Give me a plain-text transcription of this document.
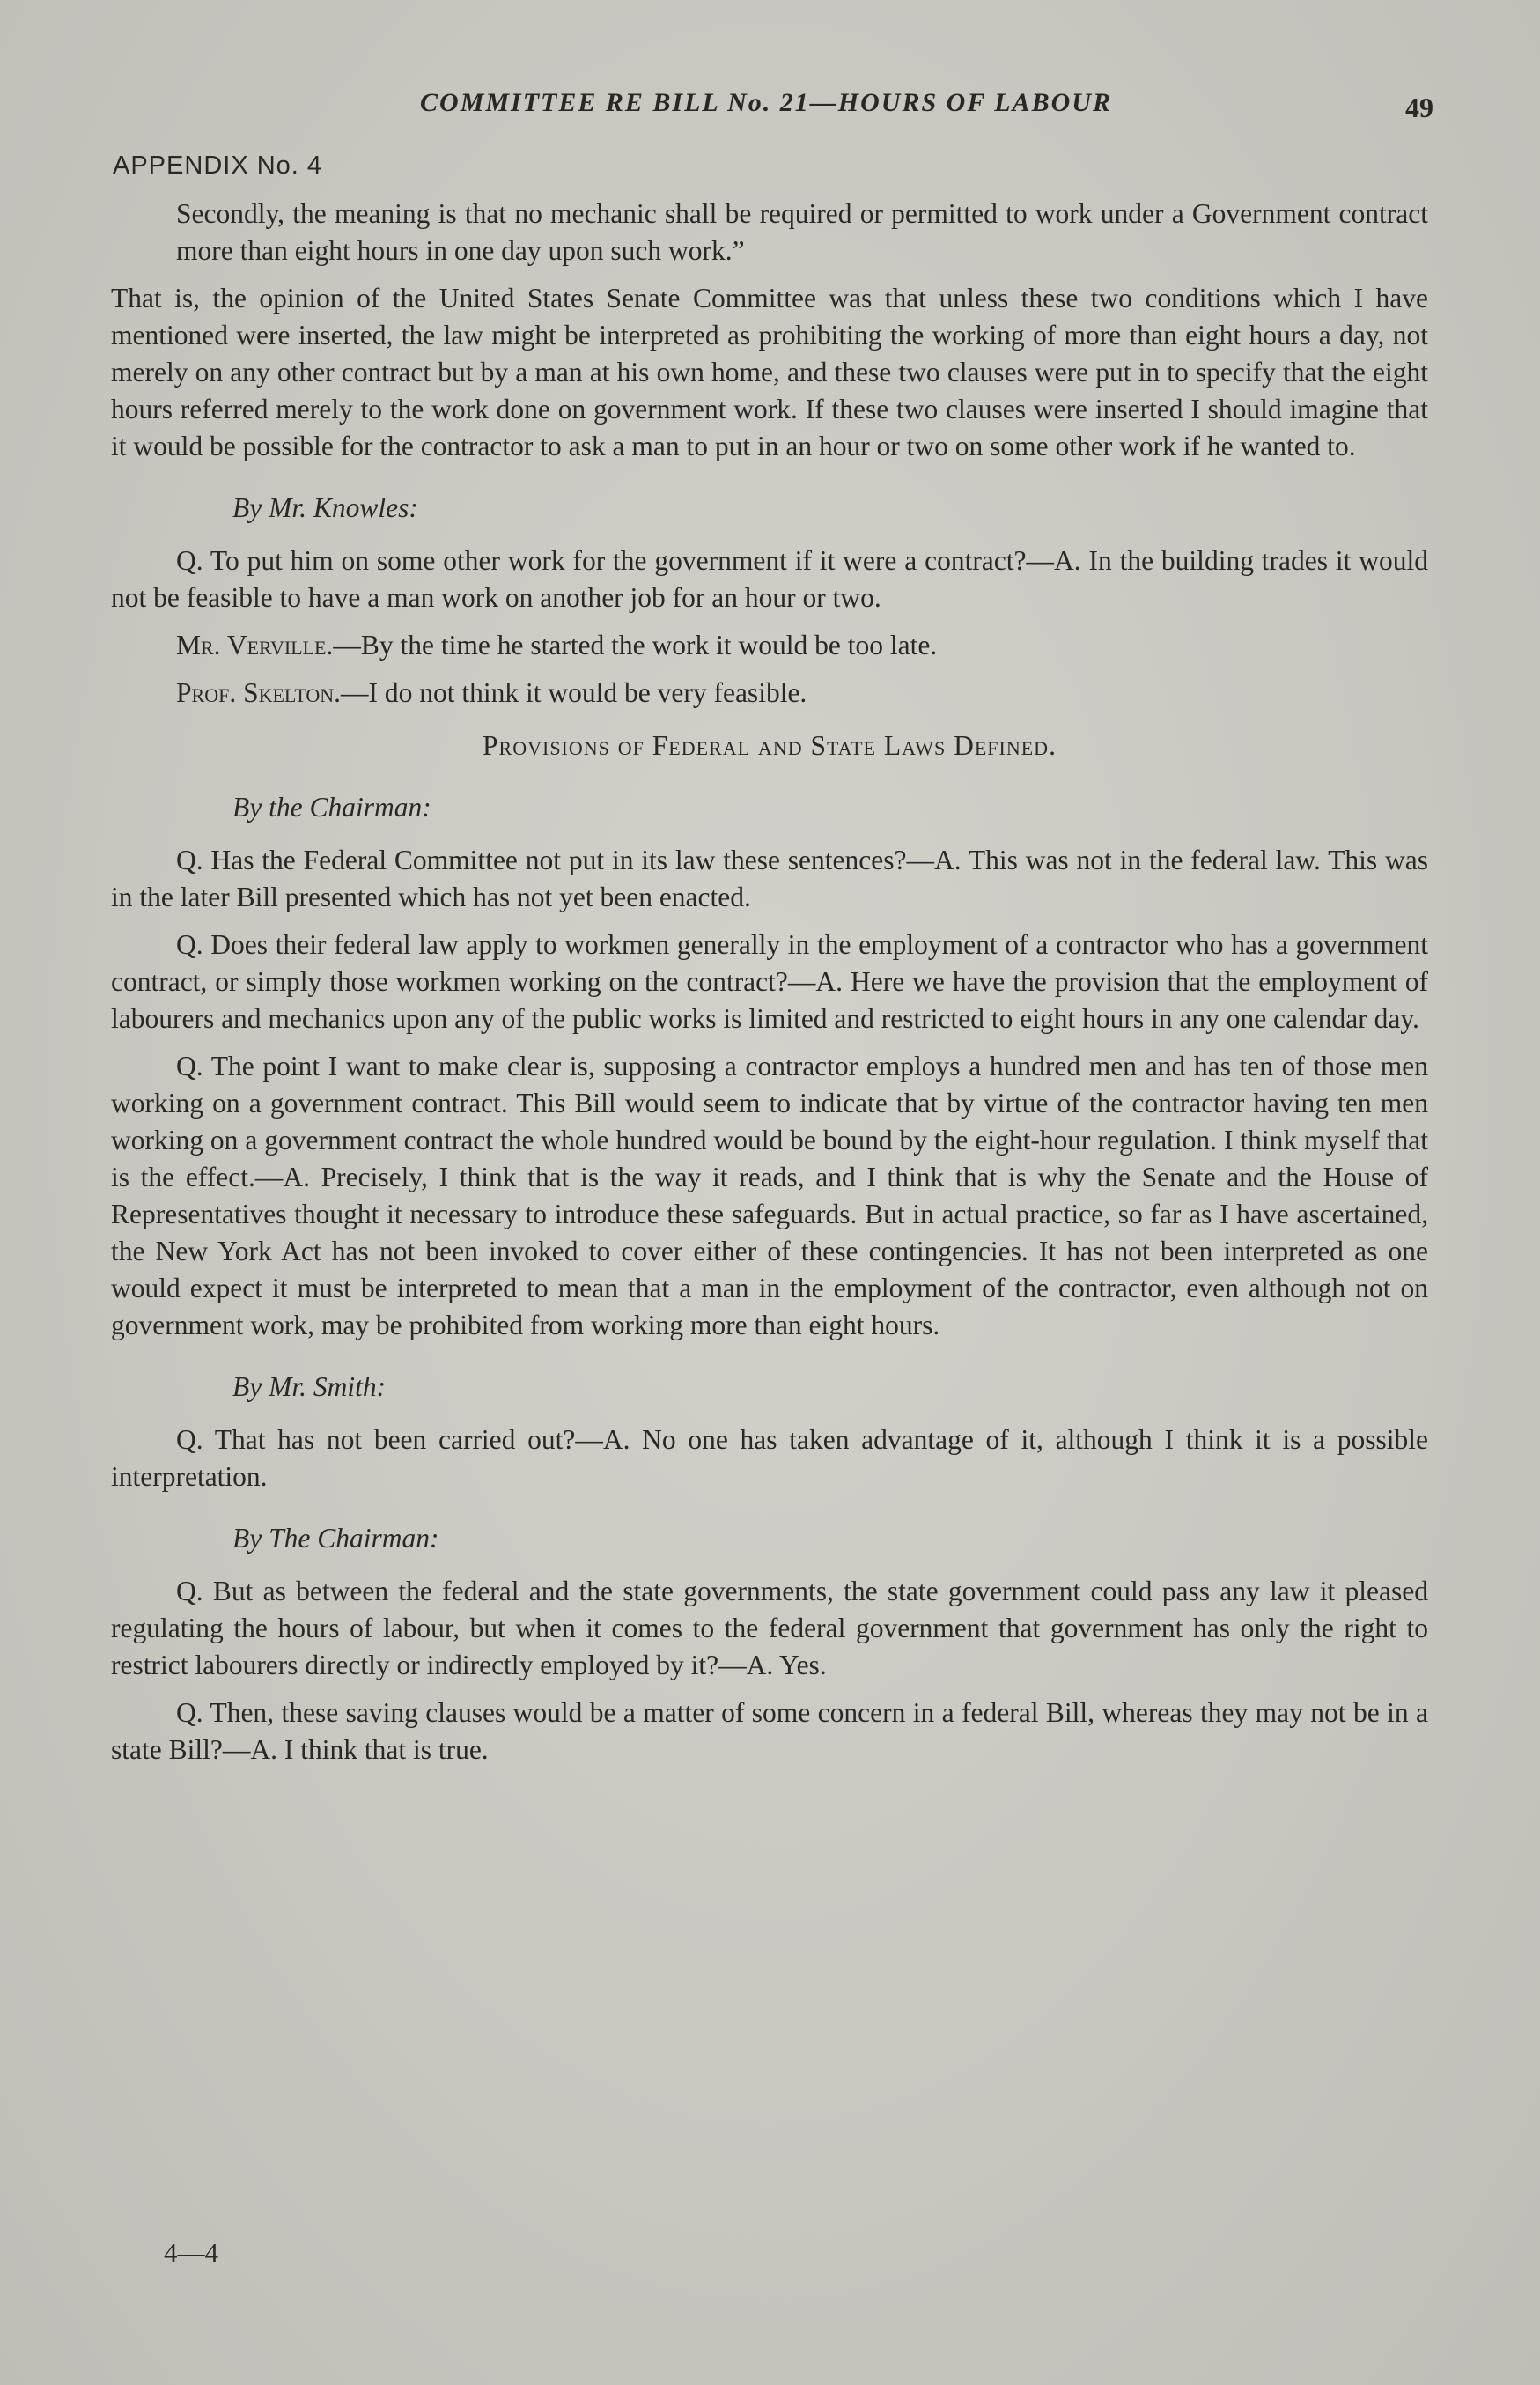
COMMITTEE RE BILL No. 21—HOURS OF LABOUR	49
APPENDIX No. 4

Secondly, the meaning is that no mechanic shall be required or permitted to work under a Government contract more than eight hours in one day upon such work.”

That is, the opinion of the United States Senate Committee was that unless these two conditions which I have mentioned were inserted, the law might be interpreted as prohibiting the working of more than eight hours a day, not merely on any other contract but by a man at his own home, and these two clauses were put in to specify that the eight hours referred merely to the work done on government work. If these two clauses were inserted I should imagine that it would be possible for the contractor to ask a man to put in an hour or two on some other work if he wanted to.

By Mr. Knowles:

Q. To put him on some other work for the government if it were a contract?—A. In the building trades it would not be feasible to have a man work on another job for an hour or two.

Mr. Verville.—By the time he started the work it would be too late.

Prof. Skelton.—I do not think it would be very feasible.

Provisions of Federal and State Laws Defined.

By the Chairman:

Q. Has the Federal Committee not put in its law these sentences?—A. This was not in the federal law. This was in the later Bill presented which has not yet been enacted.

Q. Does their federal law apply to workmen generally in the employment of a contractor who has a government contract, or simply those workmen working on the contract?—A. Here we have the provision that the employment of labourers and mechanics upon any of the public works is limited and restricted to eight hours in any one calendar day.

Q. The point I want to make clear is, supposing a contractor employs a hundred men and has ten of those men working on a government contract. This Bill would seem to indicate that by virtue of the contractor having ten men working on a government contract the whole hundred would be bound by the eight-hour regulation. I think myself that is the effect.—A. Precisely, I think that is the way it reads, and I think that is why the Senate and the House of Representatives thought it necessary to introduce these safeguards. But in actual practice, so far as I have ascertained, the New York Act has not been invoked to cover either of these contingencies. It has not been interpreted as one would expect it must be interpreted to mean that a man in the employment of the contractor, even although not on government work, may be prohibited from working more than eight hours.

By Mr. Smith:

Q. That has not been carried out?—A. No one has taken advantage of it, although I think it is a possible interpretation.

By The Chairman:

Q. But as between the federal and the state governments, the state government could pass any law it pleased regulating the hours of labour, but when it comes to the federal government that government has only the right to restrict labourers directly or indirectly employed by it?—A. Yes.

Q. Then, these saving clauses would be a matter of some concern in a federal Bill, whereas they may not be in a state Bill?—A. I think that is true.

4—4
